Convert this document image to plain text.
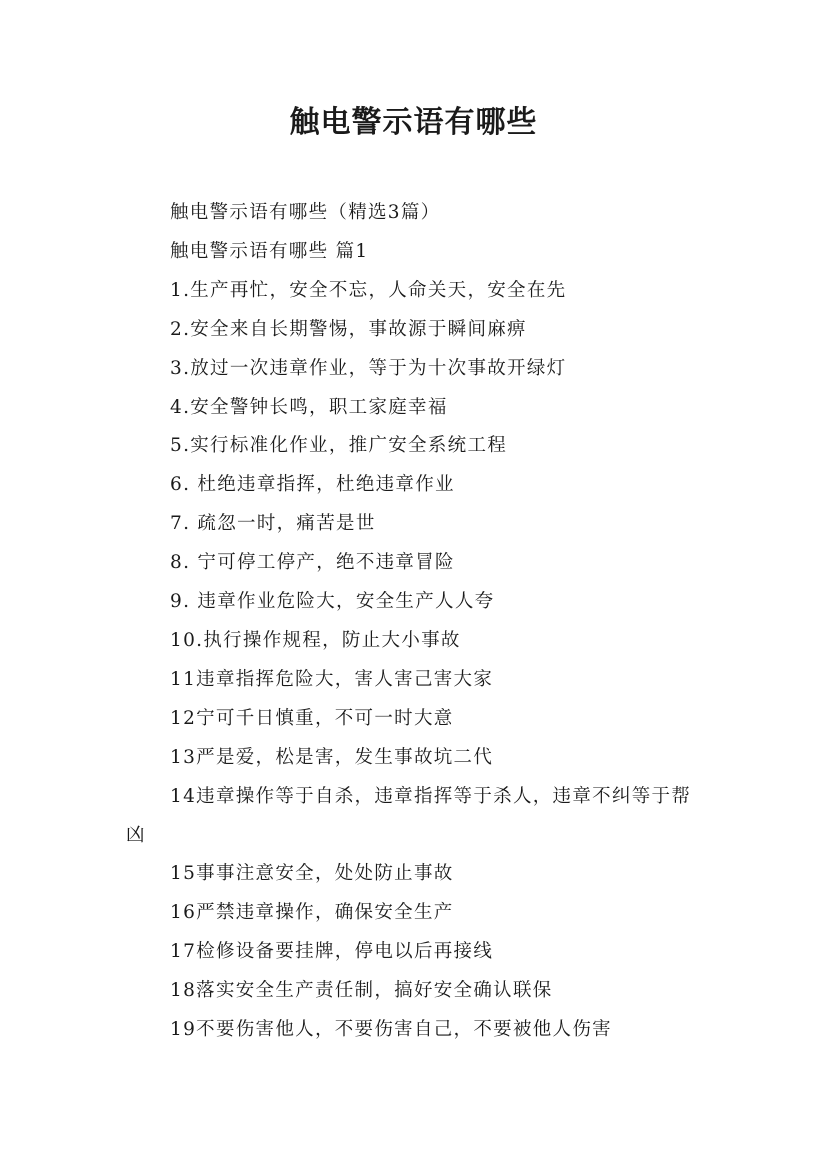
触电警示语有哪些

触电警示语有哪些（精选3篇）

触电警示语有哪些 篇1

1.生产再忙，安全不忘，人命关天，安全在先

2.安全来自长期警惕，事故源于瞬间麻痹

3.放过一次违章作业，等于为十次事故开绿灯

4.安全警钟长鸣，职工家庭幸福

5.实行标准化作业，推广安全系统工程

6. 杜绝违章指挥，杜绝违章作业

7. 疏忽一时，痛苦是世

8. 宁可停工停产，绝不违章冒险

9. 违章作业危险大，安全生产人人夸

10.执行操作规程，防止大小事故

11违章指挥危险大，害人害己害大家

12宁可千日慎重，不可一时大意

13严是爱，松是害，发生事故坑二代

14违章操作等于自杀，违章指挥等于杀人，违章不纠等于帮凶

15事事注意安全，处处防止事故

16严禁违章操作，确保安全生产

17检修设备要挂牌，停电以后再接线

18落实安全生产责任制，搞好安全确认联保

19不要伤害他人，不要伤害自己，不要被他人伤害
